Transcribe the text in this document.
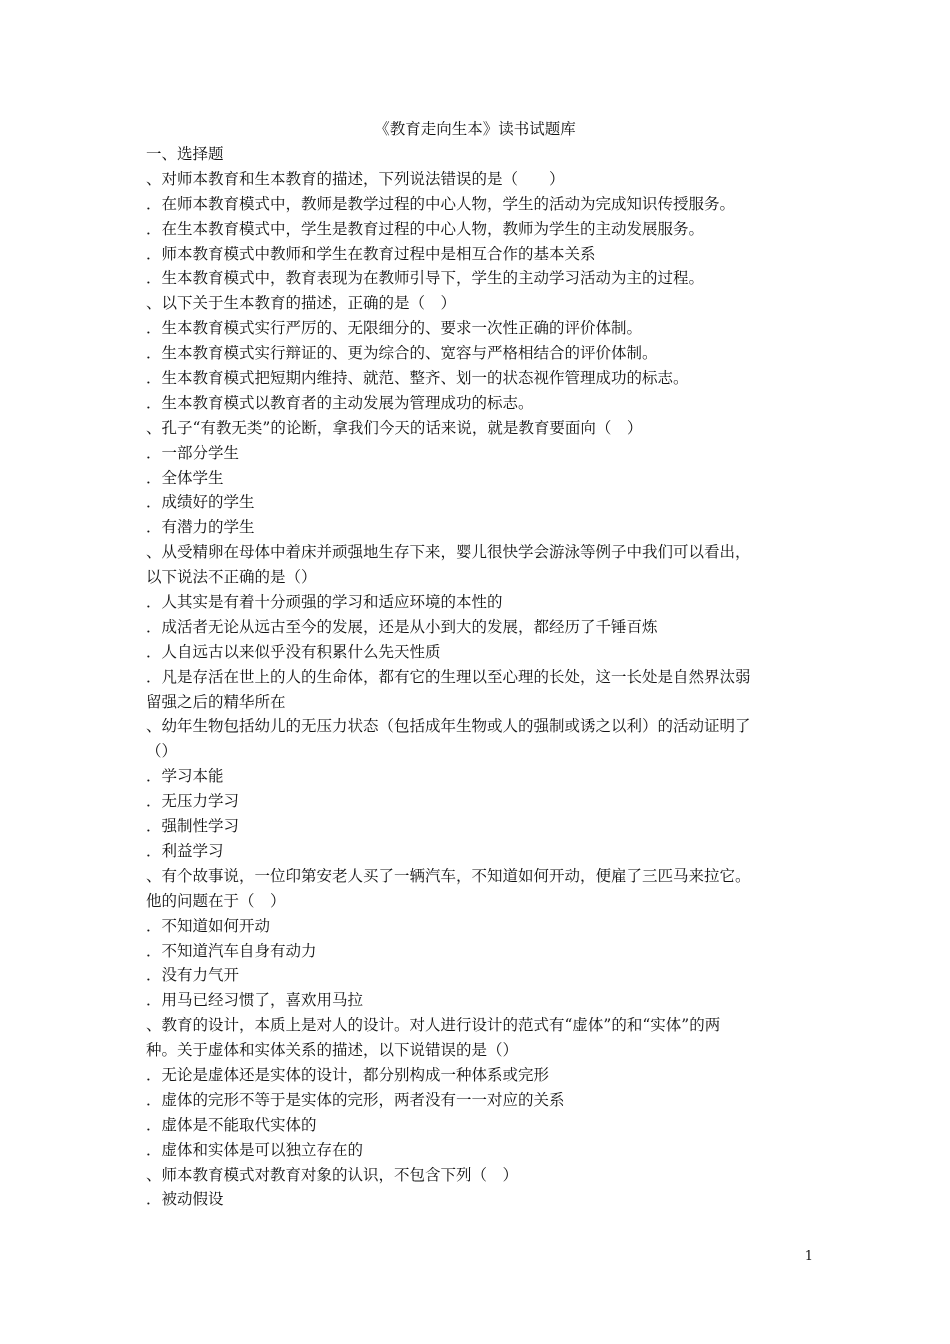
《教育走向生本》读书试题库
一、选择题
、对师本教育和生本教育的描述，下列说法错误的是（　　）
．在师本教育模式中，教师是教学过程的中心人物，学生的活动为完成知识传授服务。
．在生本教育模式中，学生是教育过程的中心人物，教师为学生的主动发展服务。
．师本教育模式中教师和学生在教育过程中是相互合作的基本关系
．生本教育模式中，教育表现为在教师引导下，学生的主动学习活动为主的过程。
、以下关于生本教育的描述，正确的是（　）
．生本教育模式实行严厉的、无限细分的、要求一次性正确的评价体制。
．生本教育模式实行辩证的、更为综合的、宽容与严格相结合的评价体制。
．生本教育模式把短期内维持、就范、整齐、划一的状态视作管理成功的标志。
．生本教育模式以教育者的主动发展为管理成功的标志。
、孔子“有教无类”的论断，拿我们今天的话来说，就是教育要面向（　）
．一部分学生
．全体学生
．成绩好的学生
．有潜力的学生
、从受精卵在母体中着床并顽强地生存下来，婴儿很快学会游泳等例子中我们可以看出，
以下说法不正确的是（）
．人其实是有着十分顽强的学习和适应环境的本性的
．成活者无论从远古至今的发展，还是从小到大的发展，都经历了千锤百炼
．人自远古以来似乎没有积累什么先天性质
．凡是存活在世上的人的生命体，都有它的生理以至心理的长处，这一长处是自然界汰弱
留强之后的精华所在
、幼年生物包括幼儿的无压力状态（包括成年生物或人的强制或诱之以利）的活动证明了
（）
．学习本能
．无压力学习
．强制性学习
．利益学习
、有个故事说，一位印第安老人买了一辆汽车，不知道如何开动，便雇了三匹马来拉它。
他的问题在于（　）
．不知道如何开动
．不知道汽车自身有动力
．没有力气开
．用马已经习惯了，喜欢用马拉
、教育的设计，本质上是对人的设计。对人进行设计的范式有“虚体”的和“实体”的两
种。关于虚体和实体关系的描述，以下说错误的是（）
．无论是虚体还是实体的设计，都分别构成一种体系或完形
．虚体的完形不等于是实体的完形，两者没有一一对应的关系
．虚体是不能取代实体的
．虚体和实体是可以独立存在的
、师本教育模式对教育对象的认识，不包含下列（　）
．被动假设
1
